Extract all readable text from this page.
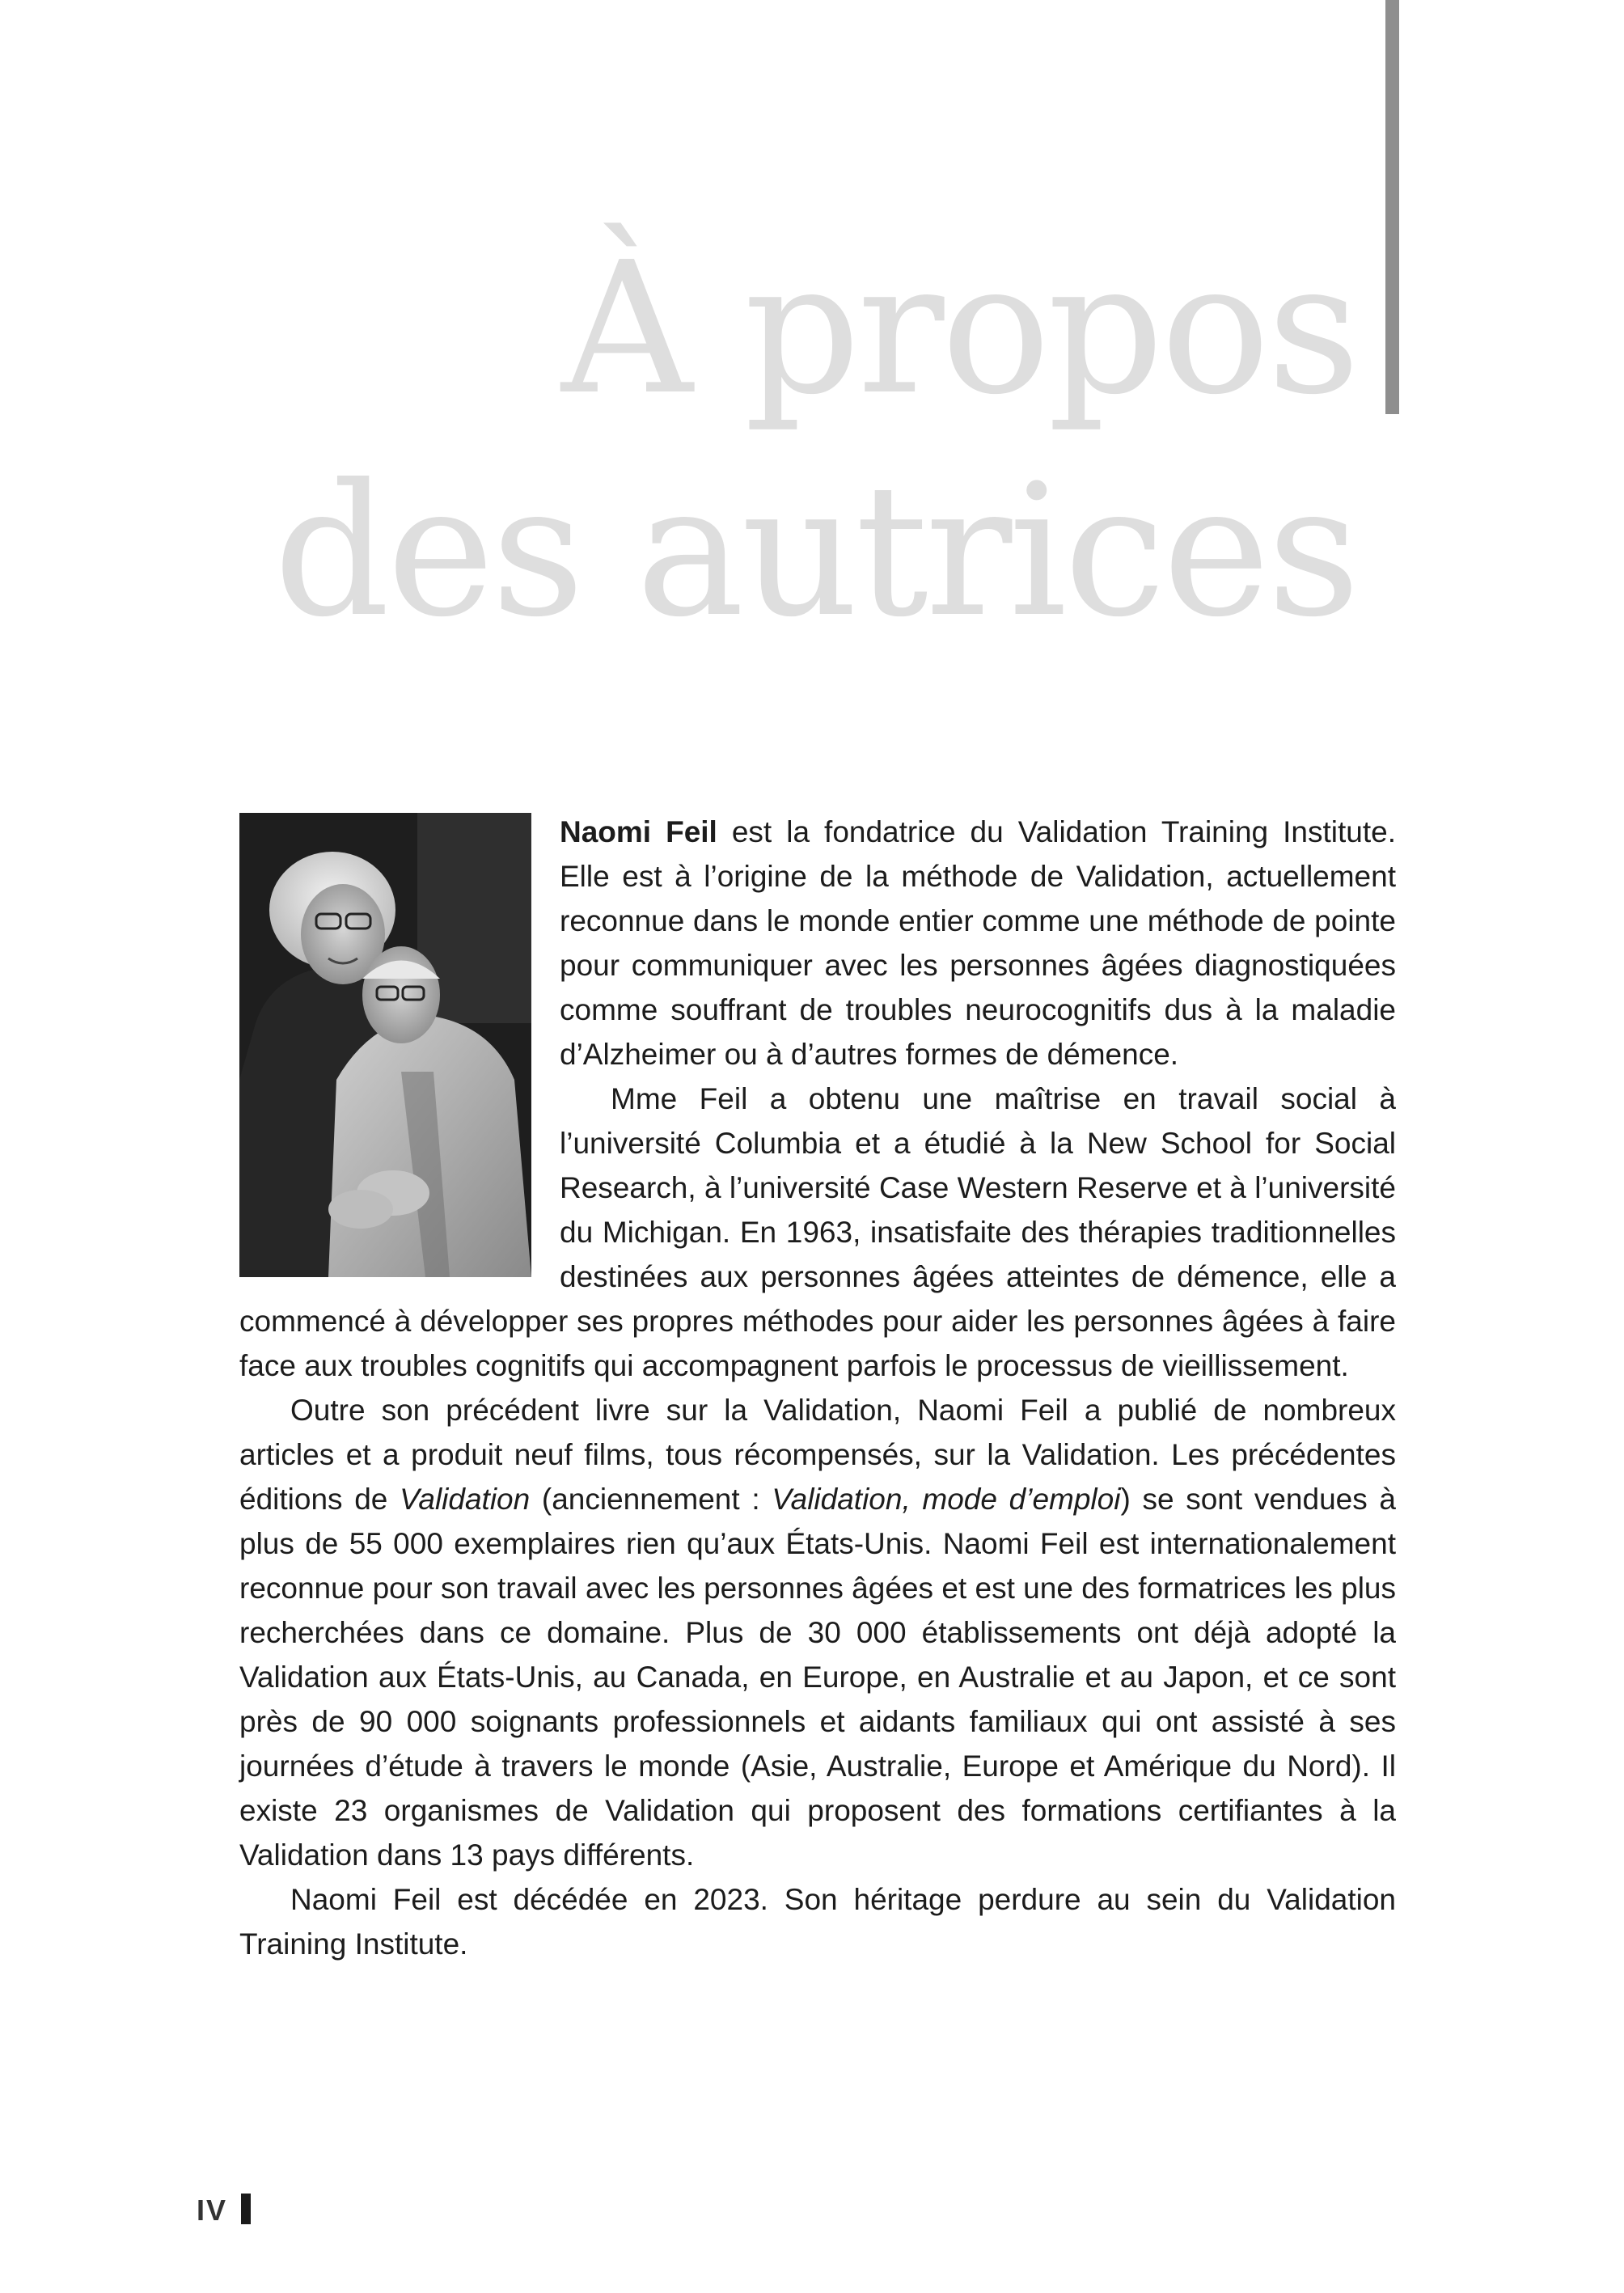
À propos
des autrices

Naomi Feil est la fondatrice du Validation Training Institute. Elle est à l’origine de la méthode de Validation, actuellement reconnue dans le monde entier comme une méthode de pointe pour communiquer avec les personnes âgées diagnostiquées comme souffrant de troubles neurocognitifs dus à la maladie d’Alzheimer ou à d’autres formes de démence.

Mme Feil a obtenu une maîtrise en travail social à l’université Columbia et a étudié à la New School for Social Research, à l’université Case Western Reserve et à l’université du Michigan. En 1963, insatisfaite des thérapies traditionnelles destinées aux personnes âgées atteintes de démence, elle a commencé à développer ses propres méthodes pour aider les personnes âgées à faire face aux troubles cognitifs qui accompagnent parfois le processus de vieillissement.

Outre son précédent livre sur la Validation, Naomi Feil a publié de nombreux articles et a produit neuf films, tous récompensés, sur la Validation. Les précédentes éditions de Validation (anciennement : Validation, mode d’emploi) se sont vendues à plus de 55 000 exemplaires rien qu’aux États-Unis. Naomi Feil est internationalement reconnue pour son travail avec les personnes âgées et est une des formatrices les plus recherchées dans ce domaine. Plus de 30 000 établissements ont déjà adopté la Validation aux États-Unis, au Canada, en Europe, en Australie et au Japon, et ce sont près de 90 000 soignants professionnels et aidants familiaux qui ont assisté à ses journées d’étude à travers le monde (Asie, Australie, Europe et Amérique du Nord). Il existe 23 organismes de Validation qui proposent des formations certifiantes à la Validation dans 13 pays différents.

Naomi Feil est décédée en 2023. Son héritage perdure au sein du Validation Training Institute.

IV
